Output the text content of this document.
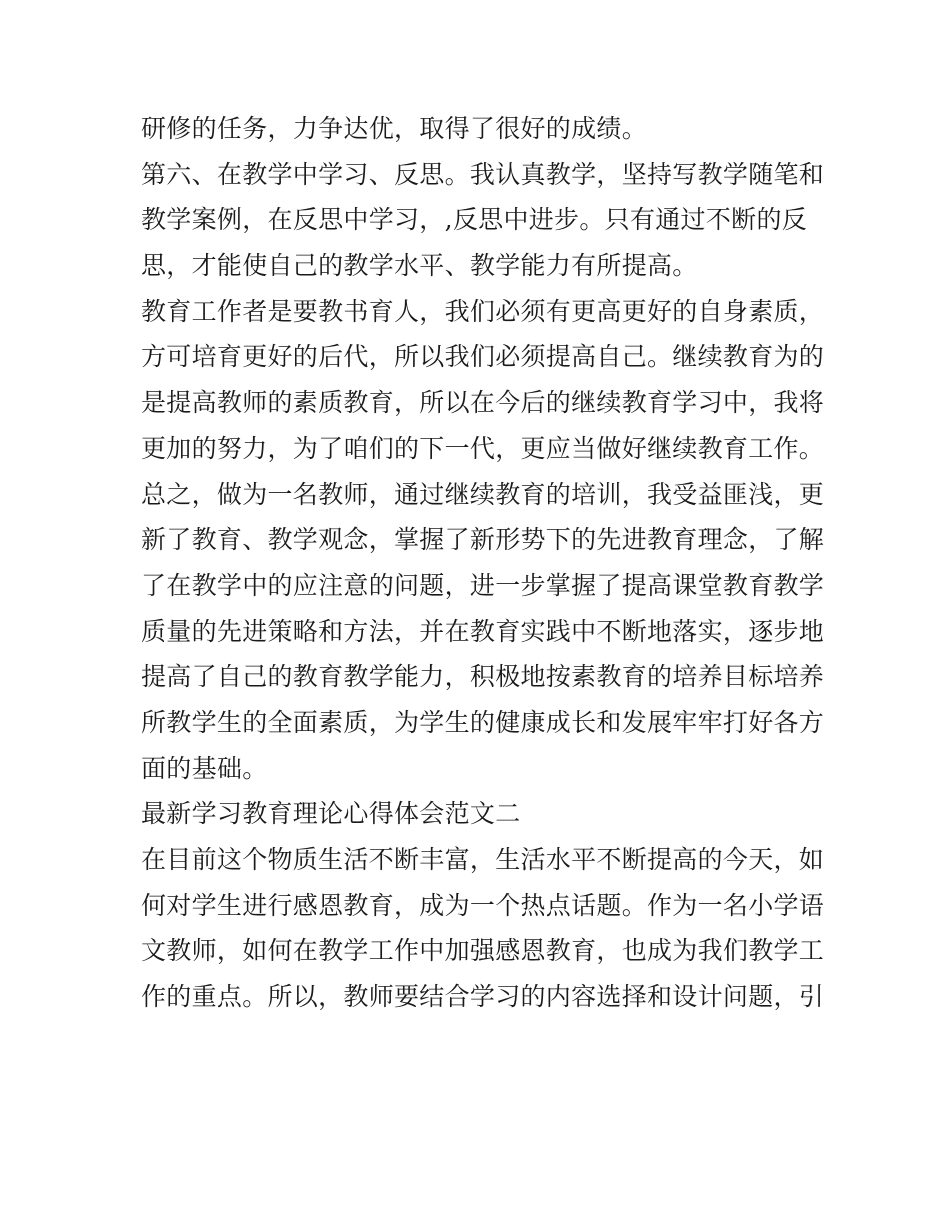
研修的任务，力争达优，取得了很好的成绩。
第六、在教学中学习、反思。我认真教学，坚持写教学随笔和
教学案例，在反思中学习，,反思中进步。只有通过不断的反
思，才能使自己的教学水平、教学能力有所提高。
教育工作者是要教书育人，我们必须有更高更好的自身素质，
方可培育更好的后代，所以我们必须提高自己。继续教育为的
是提高教师的素质教育，所以在今后的继续教育学习中，我将
更加的努力，为了咱们的下一代，更应当做好继续教育工作。
总之，做为一名教师，通过继续教育的培训，我受益匪浅，更
新了教育、教学观念，掌握了新形势下的先进教育理念，了解
了在教学中的应注意的问题，进一步掌握了提高课堂教育教学
质量的先进策略和方法，并在教育实践中不断地落实，逐步地
提高了自己的教育教学能力，积极地按素教育的培养目标培养
所教学生的全面素质，为学生的健康成长和发展牢牢打好各方
面的基础。
最新学习教育理论心得体会范文二
在目前这个物质生活不断丰富，生活水平不断提高的今天，如
何对学生进行感恩教育，成为一个热点话题。作为一名小学语
文教师，如何在教学工作中加强感恩教育，也成为我们教学工
作的重点。所以，教师要结合学习的内容选择和设计问题，引
